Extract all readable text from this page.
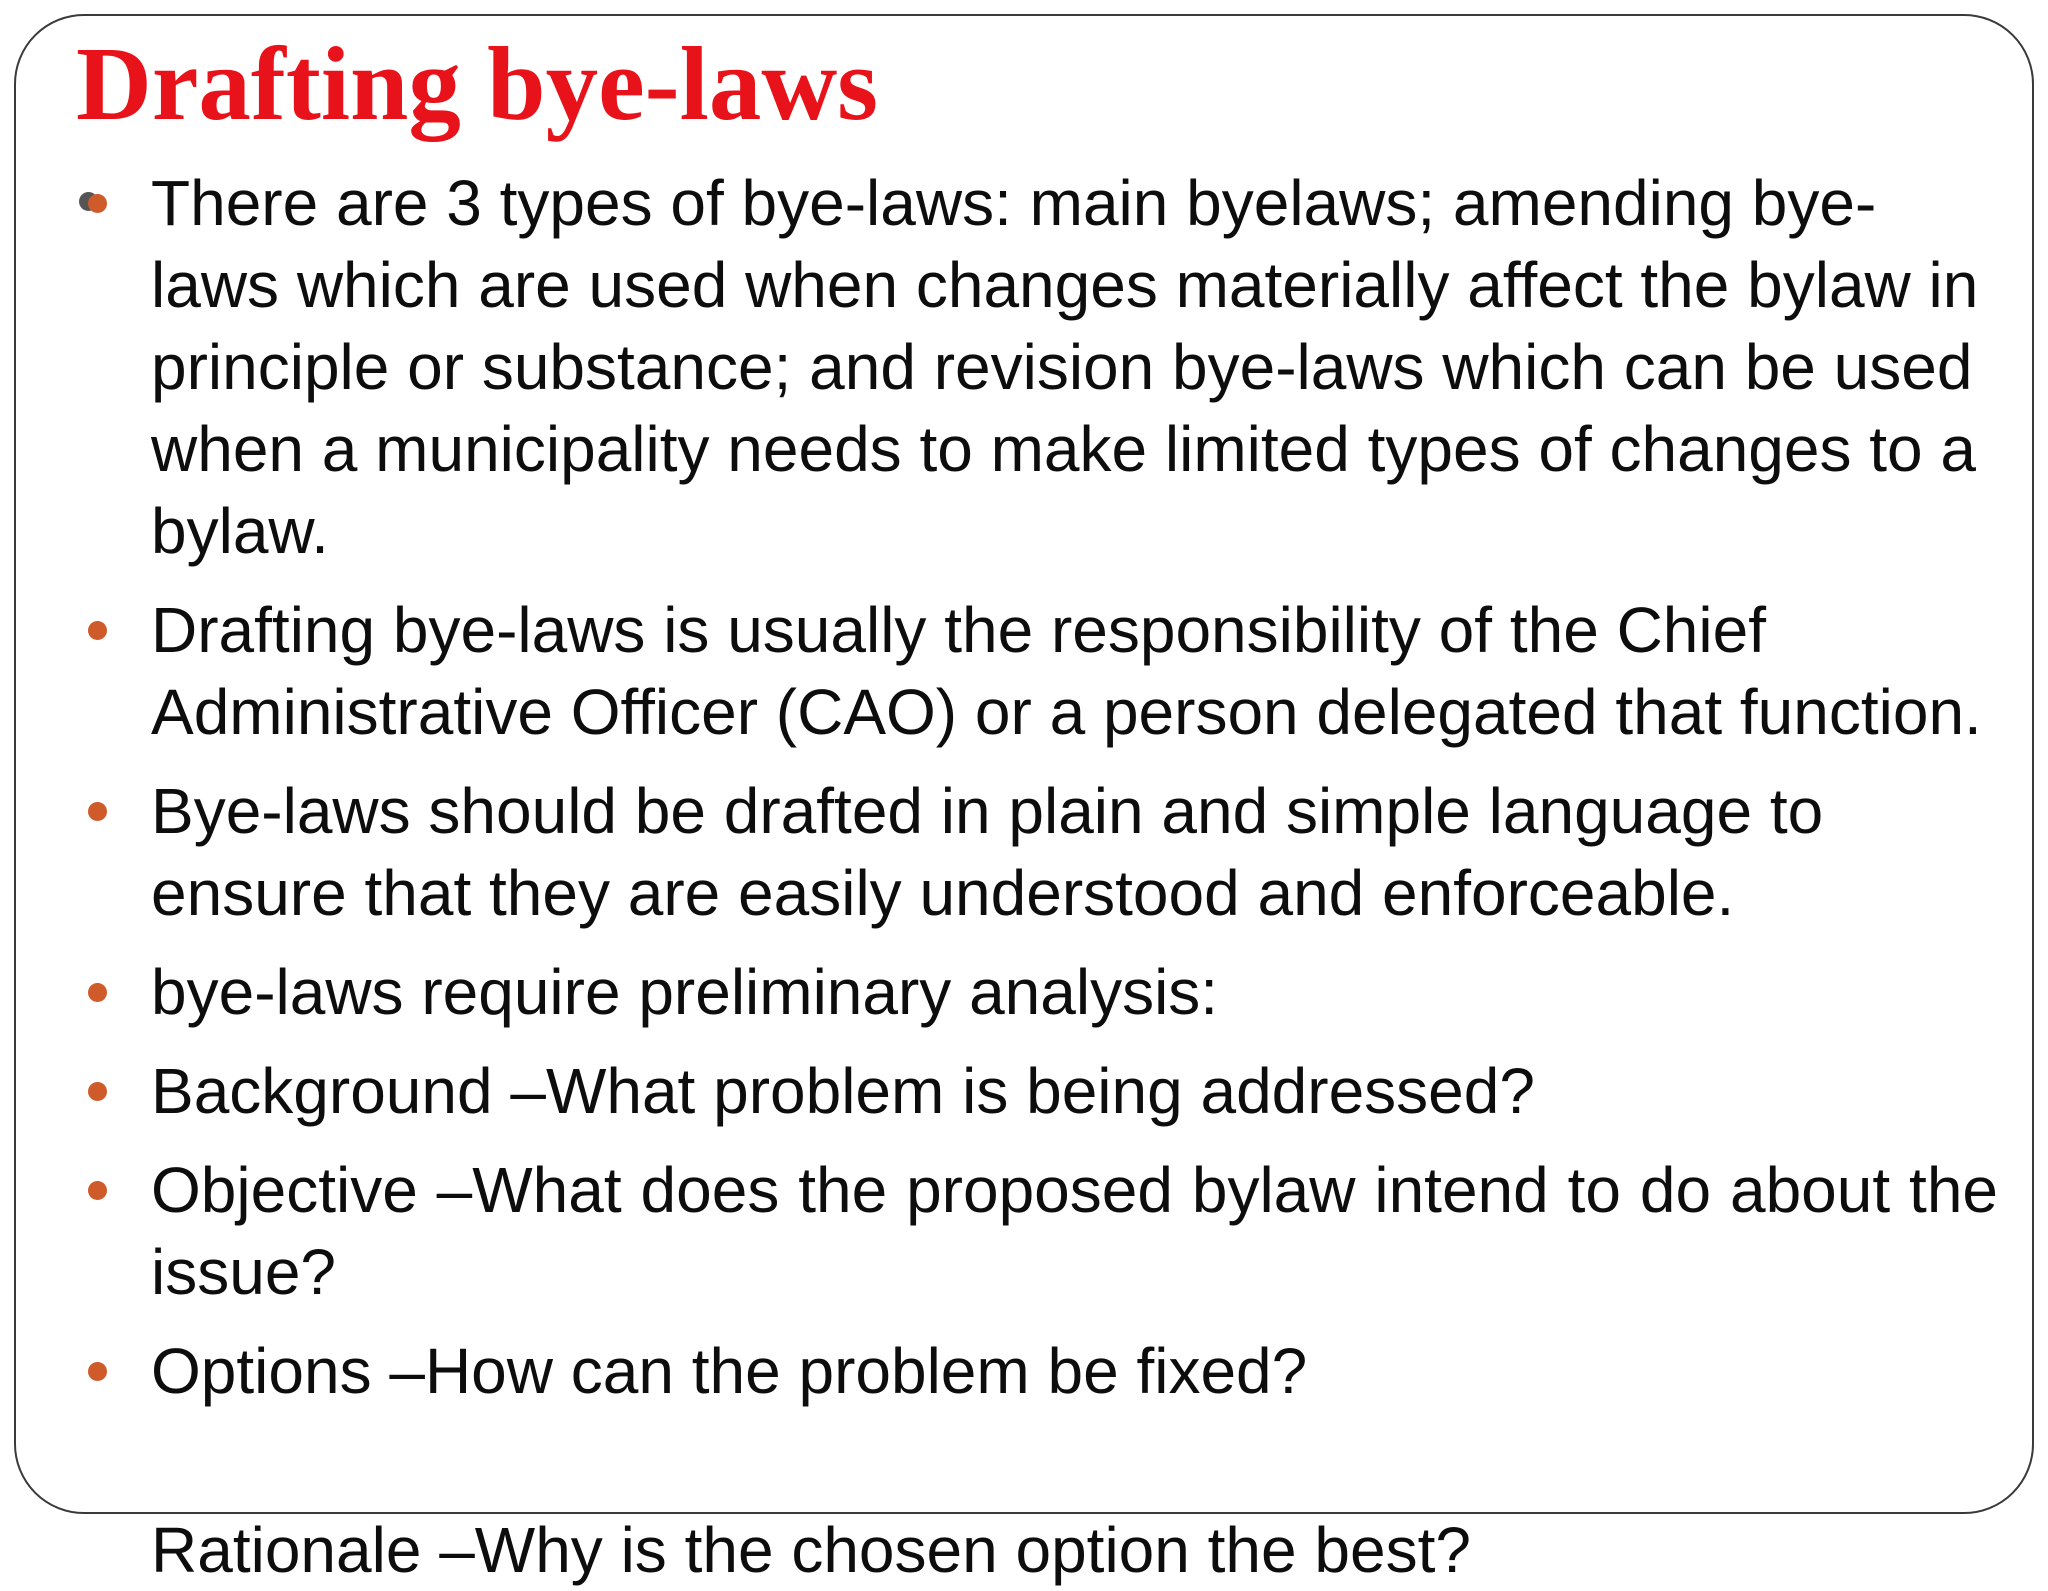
Drafting bye-laws
There are 3 types of bye-laws: main byelaws; amending bye-laws which are used when changes materially affect the bylaw in principle or substance; and revision bye-laws which can be used when a municipality needs to make limited types of changes to a bylaw.
Drafting bye-laws is usually the responsibility of the Chief Administrative Officer (CAO) or a person delegated that function.
Bye-laws should be drafted in plain and simple language to ensure that they are easily understood and enforceable.
bye-laws require preliminary analysis:
Background –What problem is being addressed?
Objective –What does the proposed bylaw intend to do about the issue?
Options –How can the problem be fixed?
Rationale –Why is the chosen option the best?
